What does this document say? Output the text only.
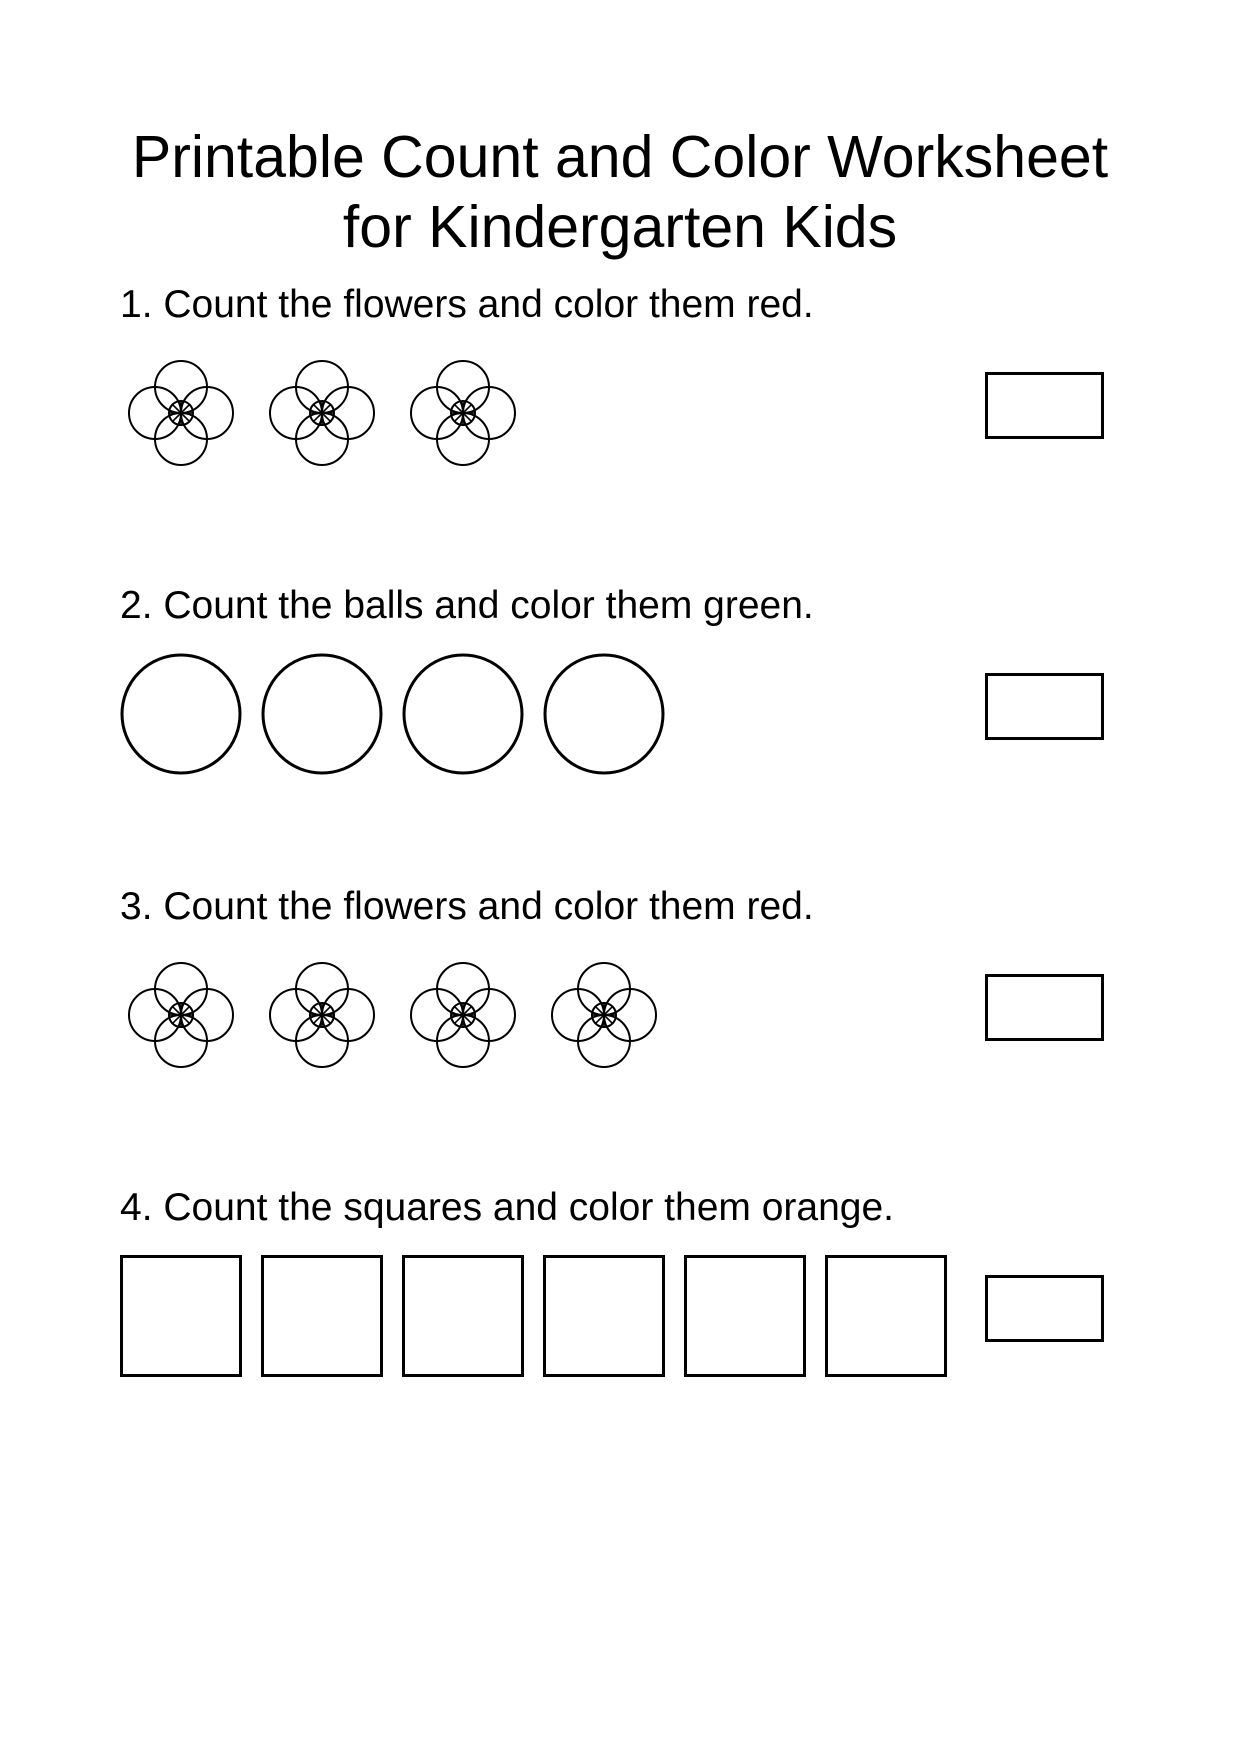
Printable Count and Color Worksheet
for Kindergarten Kids
1. Count the flowers and color them red.
2. Count the balls and color them green.
3. Count the flowers and color them red.
4. Count the squares and color them orange.
